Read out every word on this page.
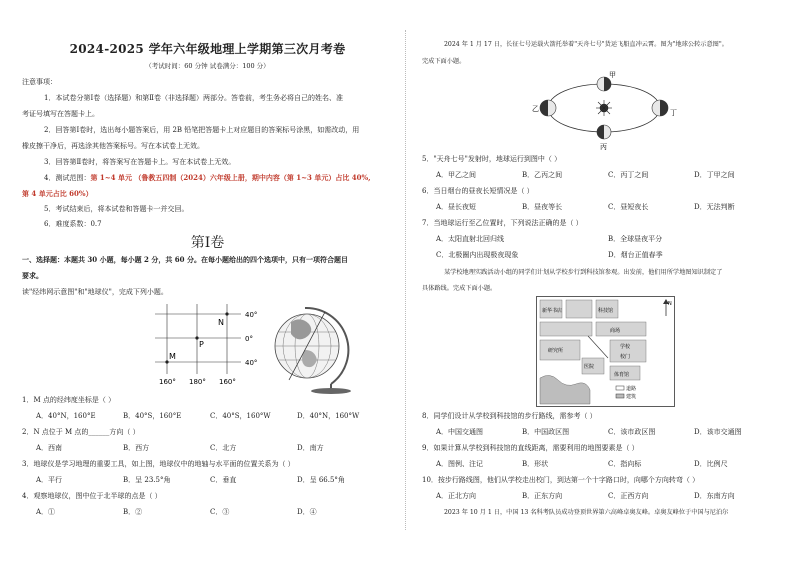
2024-2025 学年六年级地理上学期第三次月考卷
（考试时间：60 分钟 试卷满分：100 分）
注意事项：
1．本试卷分第Ⅰ卷（选择题）和第Ⅱ卷（非选择题）两部分。答卷前，考生务必将自己的姓名、准
考证号填写在答题卡上。
2．回答第Ⅰ卷时，选出每小题答案后，用 2B 铅笔把答题卡上对应题目的答案标号涂黑，如需改动，用
橡皮擦干净后，再选涂其他答案标号。写在本试卷上无效。
3．回答第Ⅱ卷时，将答案写在答题卡上。写在本试卷上无效。
4．测试范围：第 1~4 单元 （鲁教五四制（2024）六年级上册，期中内容（第 1~3 单元）占比 40%,
第 4 单元占比 60%）
5．考试结束后，将本试卷和答题卡一并交回。
6．难度系数：0.7
第Ⅰ卷
一、选择题：本题共 30 小题，每小题 2 分，共 60 分。在每小题给出的四个选项中，只有一项符合题目
要求。
读"经纬网示意图"和"地球仪"，完成下列小题。
40°
0°
40°
160° 180° 160°
N
P
M
1．M 点的经纬度坐标是（ ）
A．40°N，160°E	B．40°S，160°E	C．40°S，160°W	D．40°N，160°W
2．N 点位于 M 点的______方向（ ）
A．西南	B．西方	C．北方	D．南方
3．地球仪是学习地理的重要工具，如上图，地球仪中的地轴与水平面的位置关系为（ ）
A．平行	B．呈 23.5°角	C．垂直	D．呈 66.5°角
4．观察地球仪，图中位于北半球的点是（ ）
A．①	B．②	C．③	D．④
2024 年 1 月 17 日，长征七号运载火箭托举着"天舟七号"货运飞船直冲云霄。图为"地球公转示意图"。
完成下面小题。
甲
乙
丙
丁
5．"天舟七号"发射时，地球运行到图中（ ）
A．甲乙之间	B．乙丙之间	C．丙丁之间	D．丁甲之间
6．当日烟台的昼夜长短情况是（ ）
A．昼长夜短	B．昼夜等长	C．昼短夜长	D．无法判断
7．当地球运行至乙位置时，下列说法正确的是（ ）
A．太阳直射北回归线	B．全球昼夜平分
C．北极圈内出现极夜现象	D．烟台正值春季
某学校地理实践活动小组的同学们计划从学校步行到科技馆参观。出发前，他们用所学地图知识制定了
具体路线。完成下面小题。
新华书店	科技馆
商场
研究所
学校
校门
医院
体育馆
道路
建筑
N
8．同学们设计从学校到科技馆的步行路线，需参考（ ）
A．中国交通图	B．中国政区图	C．该市政区图	D．该市交通图
9．如果计算从学校到科技馆的直线距离，需要利用的地图要素是（ ）
A．图例、注记	B．形状	C．指向标	D．比例尺
10．按步行路线图，他们从学校走出校门，到达第一个十字路口时，向哪个方向转弯（ ）
A．正北方向	B．正东方向	C．正西方向	D．东南方向
2023 年 10 月 1 日，中国 13 名科考队员成功登顶世界第六高峰卓奥友峰。卓奥友峰位于中国与尼泊尔
